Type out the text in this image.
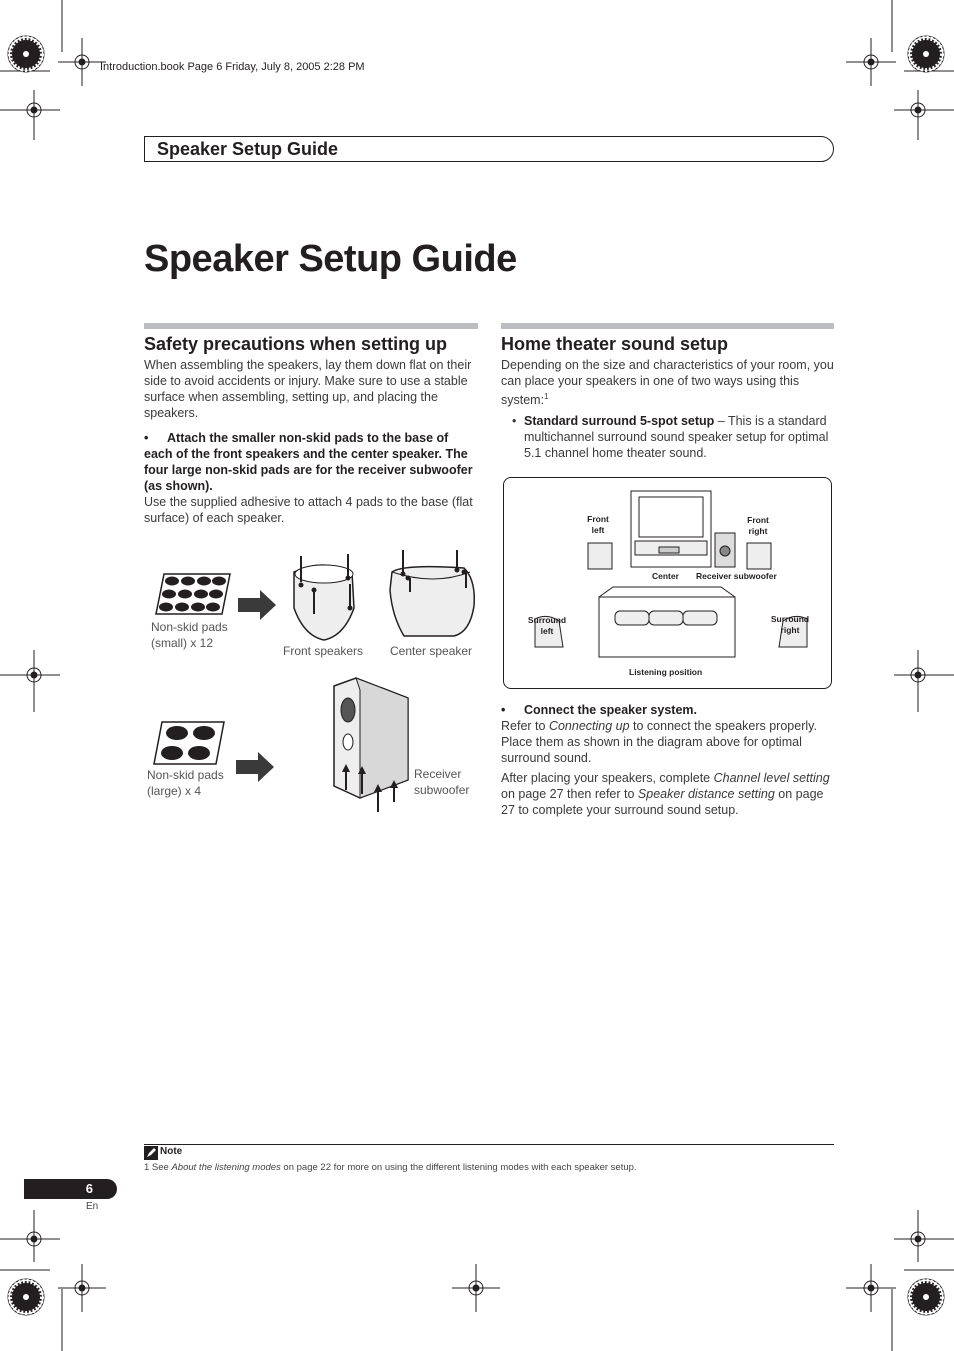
Introduction.book Page 6 Friday, July 8, 2005 2:28 PM
Speaker Setup Guide
Speaker Setup Guide
Safety precautions when setting up
When assembling the speakers, lay them down flat on their side to avoid accidents or injury. Make sure to use a stable surface when assembling, setting up, and placing the speakers.
• Attach the smaller non-skid pads to the base of each of the front speakers and the center speaker. The four large non-skid pads are for the receiver subwoofer (as shown).
Use the supplied adhesive to attach 4 pads to the base (flat surface) of each speaker.
Non-skid pads
(small) x 12
Front speakers Center speaker
Non-skid pads
(large) x 4
Receiver
subwoofer
Home theater sound setup
Depending on the size and characteristics of your room, you can place your speakers in one of two ways using this system:$^1$
• Standard surround 5-spot setup – This is a standard multichannel surround sound speaker setup for optimal 5.1 channel home theater sound.
Front
left
Front
right
Center Receiver subwoofer
Surround
left
Surround
right
Listening position
• Connect the speaker system.
Refer to Connecting up to connect the speakers properly. Place them as shown in the diagram above for optimal surround sound.
After placing your speakers, complete Channel level setting on page 27 then refer to Speaker distance setting on page 27 to complete your surround sound setup.
Note
1 See About the listening modes on page 22 for more on using the different listening modes with each speaker setup.
6
En
